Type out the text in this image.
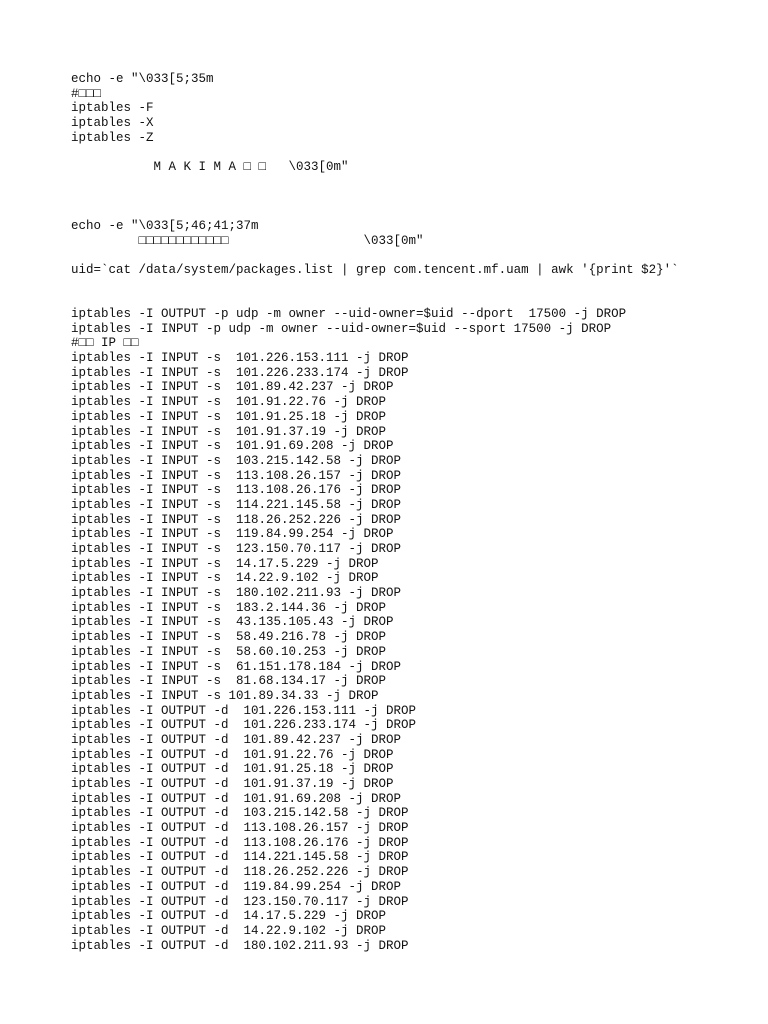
echo -e "\033[5;35m
#□□□
iptables -F
iptables -X
iptables -Z
M A K I M A □ □   \033[0m"
echo -e "\033[5;46;41;37m
□□□□□□□□□□□□                  \033[0m"
uid=`cat /data/system/packages.list | grep com.tencent.mf.uam | awk '{print $2}'`
iptables -I OUTPUT -p udp -m owner --uid-owner=$uid --dport  17500 -j DROP
iptables -I INPUT -p udp -m owner --uid-owner=$uid --sport 17500 -j DROP
#□□ IP □□
iptables -I INPUT -s  101.226.153.111 -j DROP
iptables -I INPUT -s  101.226.233.174 -j DROP
iptables -I INPUT -s  101.89.42.237 -j DROP
iptables -I INPUT -s  101.91.22.76 -j DROP
iptables -I INPUT -s  101.91.25.18 -j DROP
iptables -I INPUT -s  101.91.37.19 -j DROP
iptables -I INPUT -s  101.91.69.208 -j DROP
iptables -I INPUT -s  103.215.142.58 -j DROP
iptables -I INPUT -s  113.108.26.157 -j DROP
iptables -I INPUT -s  113.108.26.176 -j DROP
iptables -I INPUT -s  114.221.145.58 -j DROP
iptables -I INPUT -s  118.26.252.226 -j DROP
iptables -I INPUT -s  119.84.99.254 -j DROP
iptables -I INPUT -s  123.150.70.117 -j DROP
iptables -I INPUT -s  14.17.5.229 -j DROP
iptables -I INPUT -s  14.22.9.102 -j DROP
iptables -I INPUT -s  180.102.211.93 -j DROP
iptables -I INPUT -s  183.2.144.36 -j DROP
iptables -I INPUT -s  43.135.105.43 -j DROP
iptables -I INPUT -s  58.49.216.78 -j DROP
iptables -I INPUT -s  58.60.10.253 -j DROP
iptables -I INPUT -s  61.151.178.184 -j DROP
iptables -I INPUT -s  81.68.134.17 -j DROP
iptables -I INPUT -s 101.89.34.33 -j DROP
iptables -I OUTPUT -d  101.226.153.111 -j DROP
iptables -I OUTPUT -d  101.226.233.174 -j DROP
iptables -I OUTPUT -d  101.89.42.237 -j DROP
iptables -I OUTPUT -d  101.91.22.76 -j DROP
iptables -I OUTPUT -d  101.91.25.18 -j DROP
iptables -I OUTPUT -d  101.91.37.19 -j DROP
iptables -I OUTPUT -d  101.91.69.208 -j DROP
iptables -I OUTPUT -d  103.215.142.58 -j DROP
iptables -I OUTPUT -d  113.108.26.157 -j DROP
iptables -I OUTPUT -d  113.108.26.176 -j DROP
iptables -I OUTPUT -d  114.221.145.58 -j DROP
iptables -I OUTPUT -d  118.26.252.226 -j DROP
iptables -I OUTPUT -d  119.84.99.254 -j DROP
iptables -I OUTPUT -d  123.150.70.117 -j DROP
iptables -I OUTPUT -d  14.17.5.229 -j DROP
iptables -I OUTPUT -d  14.22.9.102 -j DROP
iptables -I OUTPUT -d  180.102.211.93 -j DROP
